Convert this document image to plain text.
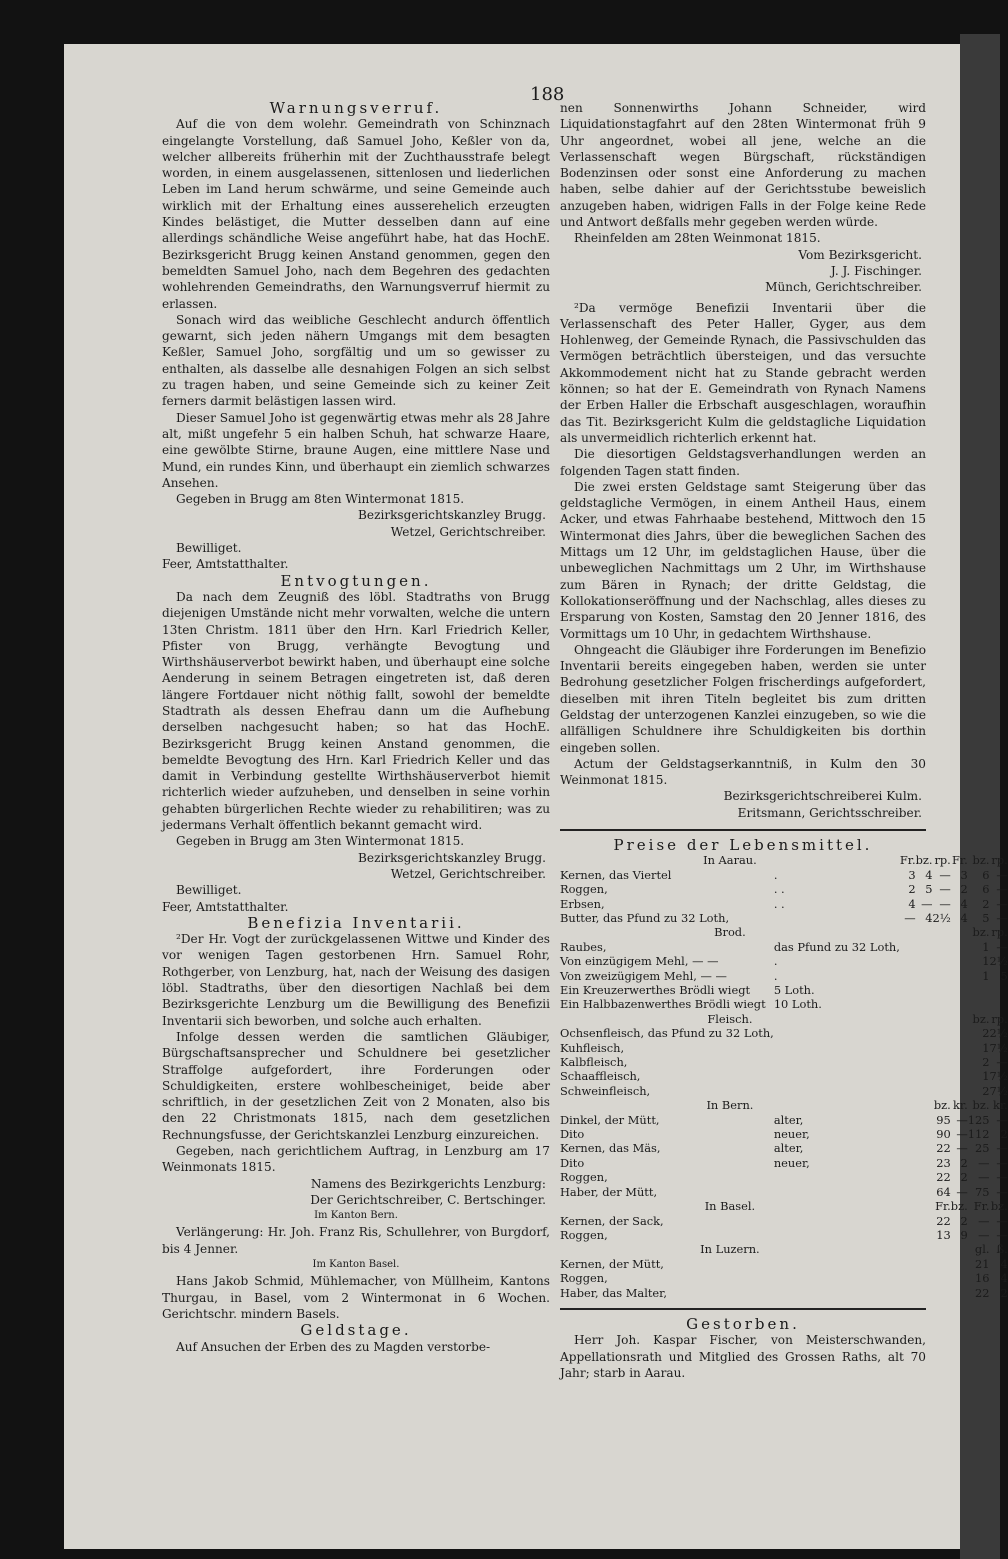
188

Warnungsverruf.

Auf die von dem wolehr. Gemeindrath von Schinznach eingelangte Vorstellung, daß Samuel Joho, Keßler von da, welcher allbereits früherhin mit der Zuchthausstrafe belegt worden, in einem ausgelassenen, sittenlosen und liederlichen Leben im Land herum schwärme, und seine Gemeinde auch wirklich mit der Erhaltung eines ausserehelich erzeugten Kindes belästiget, die Mutter desselben dann auf eine allerdings schändliche Weise angeführt habe, hat das HochE. Bezirksgericht Brugg keinen Anstand genommen, gegen den bemeldten Samuel Joho, nach dem Begehren des gedachten wohlehrenden Gemeindraths, den Warnungsverruf hiermit zu erlassen.

Sonach wird das weibliche Geschlecht andurch öffentlich gewarnt, sich jeden nähern Umgangs mit dem besagten Keßler, Samuel Joho, sorgfältig und um so gewisser zu enthalten, als dasselbe alle desnahigen Folgen an sich selbst zu tragen haben, und seine Gemeinde sich zu keiner Zeit ferners darmit belästigen lassen wird.

Dieser Samuel Joho ist gegenwärtig etwas mehr als 28 Jahre alt, mißt ungefehr 5 ein halben Schuh, hat schwarze Haare, eine gewölbte Stirne, braune Augen, eine mittlere Nase und Mund, ein rundes Kinn, und überhaupt ein ziemlich schwarzes Ansehen.

Gegeben in Brugg am 8ten Wintermonat 1815.

Bezirksgerichtskanzley Brugg.

Wetzel, Gerichtschreiber.

Bewilliget.

Feer, Amtstatthalter.

Entvogtungen.

Da nach dem Zeugniß des löbl. Stadtraths von Brugg diejenigen Umstände nicht mehr vorwalten, welche die untern 13ten Christm. 1811 über den Hrn. Karl Friedrich Keller, Pfister von Brugg, verhängte Bevogtung und Wirthshäuserverbot bewirkt haben, und überhaupt eine solche Aenderung in seinem Betragen eingetreten ist, daß deren längere Fortdauer nicht nöthig fallt, sowohl der bemeldte Stadtrath als dessen Ehefrau dann um die Aufhebung derselben nachgesucht haben; so hat das HochE. Bezirksgericht Brugg keinen Anstand genommen, die bemeldte Bevogtung des Hrn. Karl Friedrich Keller und das damit in Verbindung gestellte Wirthshäuserverbot hiemit richterlich wieder aufzuheben, und denselben in seine vorhin gehabten bürgerlichen Rechte wieder zu rehabilitiren; was zu jedermans Verhalt öffentlich bekannt gemacht wird.

Gegeben in Brugg am 3ten Wintermonat 1815.

Bezirksgerichtskanzley Brugg.

Wetzel, Gerichtschreiber.

Bewilliget.

Feer, Amtstatthalter.

Benefizia Inventarii.

²Der Hr. Vogt der zurückgelassenen Wittwe und Kinder des vor wenigen Tagen gestorbenen Hrn. Samuel Rohr, Rothgerber, von Lenzburg, hat, nach der Weisung des dasigen löbl. Stadtraths, über den diesortigen Nachlaß bei dem Bezirksgerichte Lenzburg um die Bewilligung des Benefizii Inventarii sich beworben, und solche auch erhalten.

Infolge dessen werden die samtlichen Gläubiger, Bürgschaftsansprecher und Schuldnere bei gesetzlicher Straffolge aufgefordert, ihre Forderungen oder Schuldigkeiten, erstere wohlbescheiniget, beide aber schriftlich, in der gesetzlichen Zeit von 2 Monaten, also bis den 22 Christmonats 1815, nach dem gesetzlichen Rechnungsfusse, der Gerichtskanzlei Lenzburg einzureichen.

Gegeben, nach gerichtlichem Auftrag, in Lenzburg am 17 Weinmonats 1815.

Namens des Bezirkgerichts Lenzburg:

Der Gerichtschreiber, C. Bertschinger.

Im Kanton Bern.

Verlängerung: Hr. Joh. Franz Ris, Schullehrer, von Burgdorf, bis 4 Jenner.

Im Kanton Basel.

Hans Jakob Schmid, Mühlemacher, von Müllheim, Kantons Thurgau, in Basel, vom 2 Wintermonat in 6 Wochen. Gerichtschr. mindern Basels.

Geldstage.

Auf Ansuchen der Erben des zu Magden verstorbe-

nen Sonnenwirths Johann Schneider, wird Liquidationstagfahrt auf den 28ten Wintermonat früh 9 Uhr angeordnet, wobei all jene, welche an die Verlassenschaft wegen Bürgschaft, rückständigen Bodenzinsen oder sonst eine Anforderung zu machen haben, selbe dahier auf der Gerichtsstube beweislich anzugeben haben, widrigen Falls in der Folge keine Rede und Antwort deßfalls mehr gegeben werden würde.

Rheinfelden am 28ten Weinmonat 1815.

Vom Bezirksgericht.

J. J. Fischinger.

Münch, Gerichtschreiber.

²Da vermöge Benefizii Inventarii über die Verlassenschaft des Peter Haller, Gyger, aus dem Hohlenweg, der Gemeinde Rynach, die Passivschulden das Vermögen beträchtlich übersteigen, und das versuchte Akkommodement nicht hat zu Stande gebracht werden können; so hat der E. Gemeindrath von Rynach Namens der Erben Haller die Erbschaft ausgeschlagen, woraufhin das Tit. Bezirksgericht Kulm die geldstagliche Liquidation als unvermeidlich richterlich erkennt hat.

Die diesortigen Geldstagsverhandlungen werden an folgenden Tagen statt finden.

Die zwei ersten Geldstage samt Steigerung über das geldstagliche Vermögen, in einem Antheil Haus, einem Acker, und etwas Fahrhaabe bestehend, Mittwoch den 15 Wintermonat dies Jahrs, über die beweglichen Sachen des Mittags um 12 Uhr, im geldstaglichen Hause, über die unbeweglichen Nachmittags um 2 Uhr, im Wirthshause zum Bären in Rynach; der dritte Geldstag, die Kollokationseröffnung und der Nachschlag, alles dieses zu Ersparung von Kosten, Samstag den 20 Jenner 1816, des Vormittags um 10 Uhr, in gedachtem Wirthshause.

Ohngeacht die Gläubiger ihre Forderungen im Benefizio Inventarii bereits eingegeben haben, werden sie unter Bedrohung gesetzlicher Folgen frischerdings aufgefordert, dieselben mit ihren Titeln begleitet bis zum dritten Geldstag der unterzogenen Kanzlei einzugeben, so wie die allfälligen Schuldnere ihre Schuldigkeiten bis dorthin eingeben sollen.

Actum der Geldstagserkanntniß, in Kulm den 30 Weinmonat 1815.

Bezirksgerichtschreiberei Kulm.

Eritsmann, Gerichtsschreiber.

Preise der Lebensmittel.

In Aarau.		Fr.	bz.	rp.	Fr.	bz.	rp.
Kernen, das Viertel	.	3	4	—	3	6	—
Roggen,	. .	2	5	—	2	6	—
Erbsen,	. .	4	—	—	4	2	—
Butter, das Pfund zu 32 Loth,		—	4	2½	4	5	—
Brod.						bz.	rp.
Raubes,	das Pfund zu 32 Loth,					1	—
Von einzügigem Mehl, — —	.					1	2½
Von zweizügigem Mehl, — —	.					1	5
Ein Kreuzerwerthes Brödli wiegt	5 Loth.						
Ein Halbbazenwerthes Brödli wiegt	10 Loth.						
Fleisch.						bz.	rp.
Ochsenfleisch, das Pfund zu 32 Loth,						2	2½
Kuhfleisch,						1	7½
Kalbfleisch,						2	—
Schaaffleisch,						1	7½
Schweinfleisch,						2	7½
In Bern.				bz.	kr.	bz.	kr.
Dinkel, der Mütt,	alter,			95	—	125	—
Dito	neuer,			90	—	112	2
Kernen, das Mäs,	alter,			22	—	25	—
Dito	neuer,			23	2	—	—
Roggen,				22	2	—	—
Haber, der Mütt,				64	—	75	—
In Basel.				Fr.	bz.	Fr.	bz.
Kernen, der Sack,				22	2	—	—
Roggen,				13	9	—	—
In Luzern.						gl.	ß.
Kernen, der Mütt,						21	4
Roggen,						16	4
Haber, das Malter,						22	2

Gestorben.

Herr Joh. Kaspar Fischer, von Meisterschwanden, Appellationsrath und Mitglied des Grossen Raths, alt 70 Jahr; starb in Aarau.
